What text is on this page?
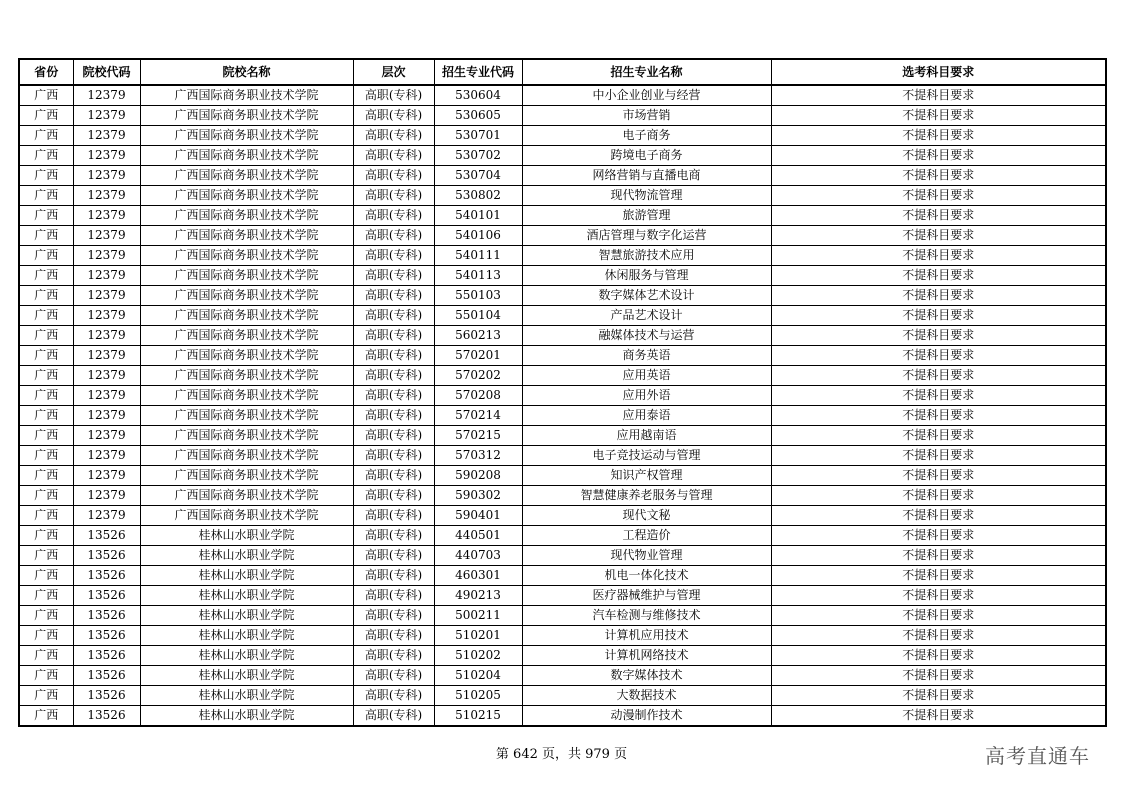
省份	院校代码	院校名称	层次	招生专业代码	招生专业名称	选考科目要求
广西	12379	广西国际商务职业技术学院	高职(专科)	530604	中小企业创业与经营	不提科目要求
广西	12379	广西国际商务职业技术学院	高职(专科)	530605	市场营销	不提科目要求
广西	12379	广西国际商务职业技术学院	高职(专科)	530701	电子商务	不提科目要求
广西	12379	广西国际商务职业技术学院	高职(专科)	530702	跨境电子商务	不提科目要求
广西	12379	广西国际商务职业技术学院	高职(专科)	530704	网络营销与直播电商	不提科目要求
广西	12379	广西国际商务职业技术学院	高职(专科)	530802	现代物流管理	不提科目要求
广西	12379	广西国际商务职业技术学院	高职(专科)	540101	旅游管理	不提科目要求
广西	12379	广西国际商务职业技术学院	高职(专科)	540106	酒店管理与数字化运营	不提科目要求
广西	12379	广西国际商务职业技术学院	高职(专科)	540111	智慧旅游技术应用	不提科目要求
广西	12379	广西国际商务职业技术学院	高职(专科)	540113	休闲服务与管理	不提科目要求
广西	12379	广西国际商务职业技术学院	高职(专科)	550103	数字媒体艺术设计	不提科目要求
广西	12379	广西国际商务职业技术学院	高职(专科)	550104	产品艺术设计	不提科目要求
广西	12379	广西国际商务职业技术学院	高职(专科)	560213	融媒体技术与运营	不提科目要求
广西	12379	广西国际商务职业技术学院	高职(专科)	570201	商务英语	不提科目要求
广西	12379	广西国际商务职业技术学院	高职(专科)	570202	应用英语	不提科目要求
广西	12379	广西国际商务职业技术学院	高职(专科)	570208	应用外语	不提科目要求
广西	12379	广西国际商务职业技术学院	高职(专科)	570214	应用泰语	不提科目要求
广西	12379	广西国际商务职业技术学院	高职(专科)	570215	应用越南语	不提科目要求
广西	12379	广西国际商务职业技术学院	高职(专科)	570312	电子竞技运动与管理	不提科目要求
广西	12379	广西国际商务职业技术学院	高职(专科)	590208	知识产权管理	不提科目要求
广西	12379	广西国际商务职业技术学院	高职(专科)	590302	智慧健康养老服务与管理	不提科目要求
广西	12379	广西国际商务职业技术学院	高职(专科)	590401	现代文秘	不提科目要求
广西	13526	桂林山水职业学院	高职(专科)	440501	工程造价	不提科目要求
广西	13526	桂林山水职业学院	高职(专科)	440703	现代物业管理	不提科目要求
广西	13526	桂林山水职业学院	高职(专科)	460301	机电一体化技术	不提科目要求
广西	13526	桂林山水职业学院	高职(专科)	490213	医疗器械维护与管理	不提科目要求
广西	13526	桂林山水职业学院	高职(专科)	500211	汽车检测与维修技术	不提科目要求
广西	13526	桂林山水职业学院	高职(专科)	510201	计算机应用技术	不提科目要求
广西	13526	桂林山水职业学院	高职(专科)	510202	计算机网络技术	不提科目要求
广西	13526	桂林山水职业学院	高职(专科)	510204	数字媒体技术	不提科目要求
广西	13526	桂林山水职业学院	高职(专科)	510205	大数据技术	不提科目要求
广西	13526	桂林山水职业学院	高职(专科)	510215	动漫制作技术	不提科目要求
第 642 页，共 979 页	高考直通车
